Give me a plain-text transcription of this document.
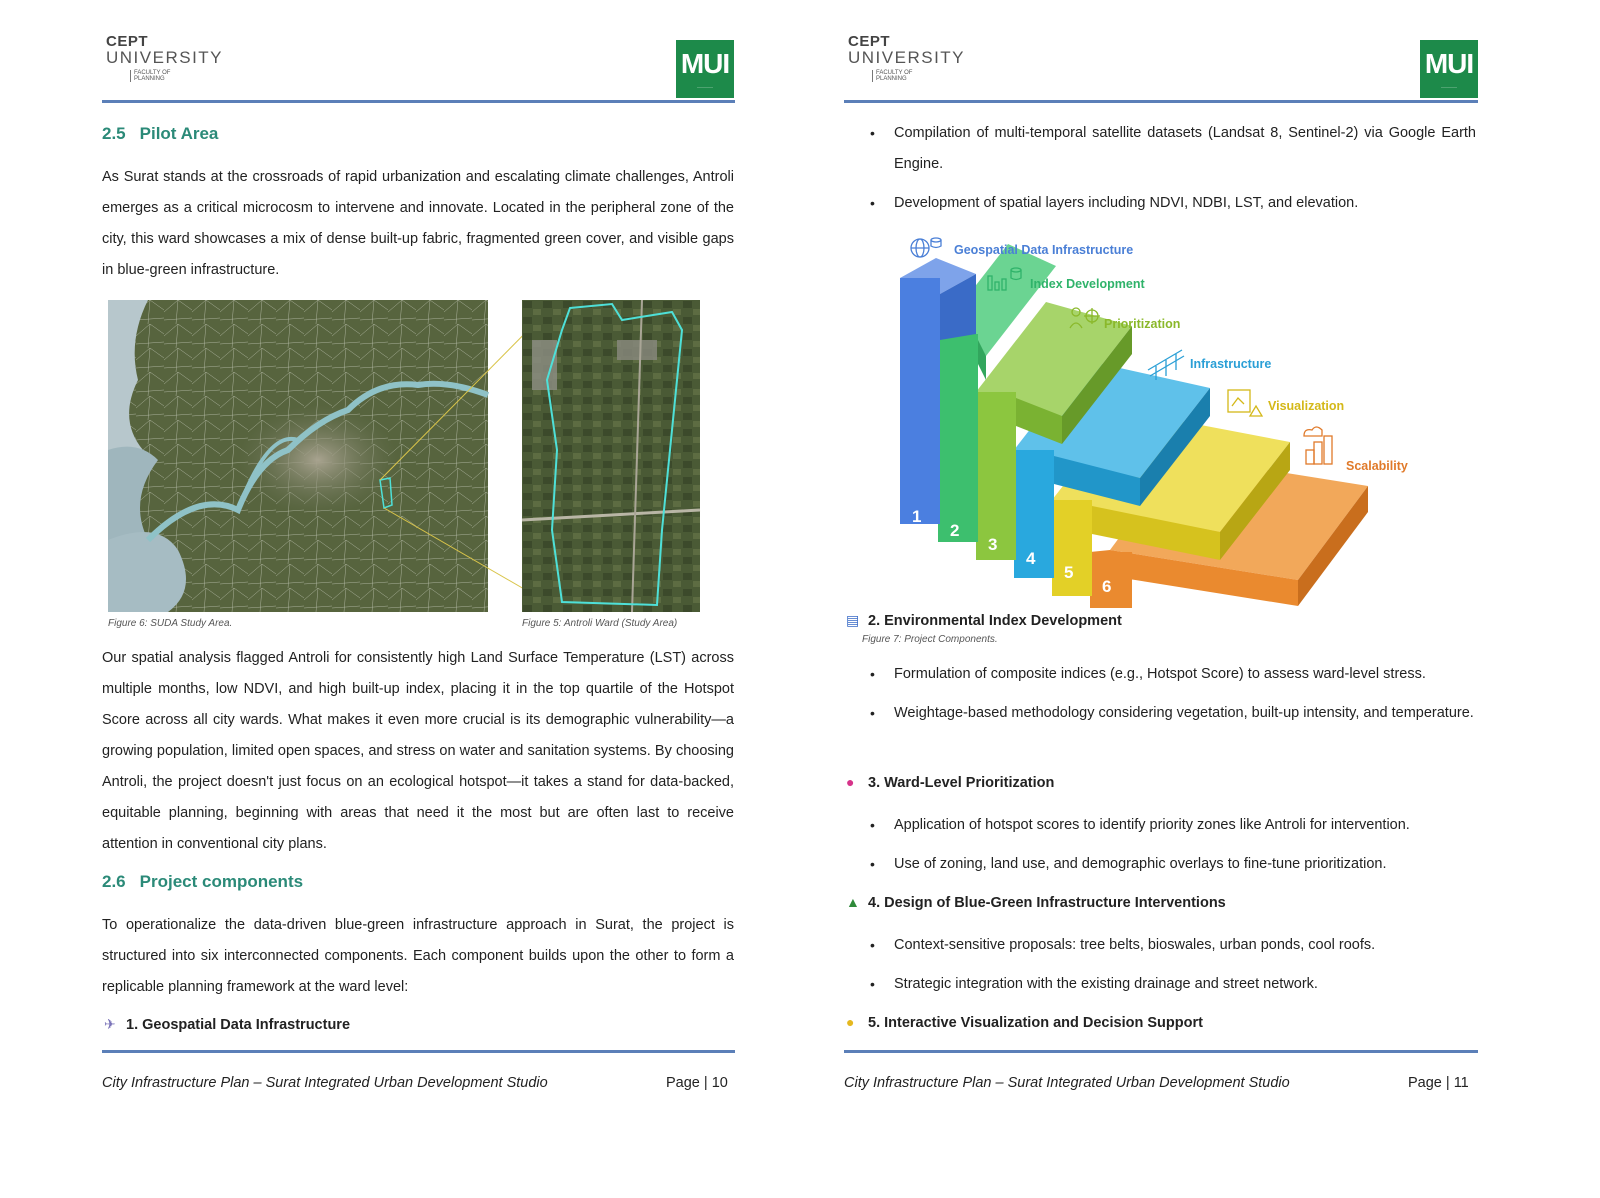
CEPT
UNIVERSITY
FACULTY OF PLANNING	MUI
————
2.5 Pilot Area
As Surat stands at the crossroads of rapid urbanization and escalating climate challenges, Antroli emerges as a critical microcosm to intervene and innovate. Located in the peripheral zone of the city, this ward showcases a mix of dense built-up fabric, fragmented green cover, and visible gaps in blue-green infrastructure.
Figure 6: SUDA Study Area.	Figure 5: Antroli Ward (Study Area)
Our spatial analysis flagged Antroli for consistently high Land Surface Temperature (LST) across multiple months, low NDVI, and high built-up index, placing it in the top quartile of the Hotspot Score across all city wards. What makes it even more crucial is its demographic vulnerability—a growing population, limited open spaces, and stress on water and sanitation systems. By choosing Antroli, the project doesn't just focus on an ecological hotspot—it takes a stand for data-backed, equitable planning, beginning with areas that need it the most but are often last to receive attention in conventional city plans.
2.6 Project components
To operationalize the data-driven blue-green infrastructure approach in Surat, the project is structured into six interconnected components. Each component builds upon the other to form a replicable planning framework at the ward level:
✈ 1. Geospatial Data Infrastructure
City Infrastructure Plan – Surat Integrated Urban Development Studio	Page | 10
CEPT
UNIVERSITY
FACULTY OF PLANNING	MUI
————
• Compilation of multi-temporal satellite datasets (Landsat 8, Sentinel-2) via Google Earth Engine.
• Development of spatial layers including NDVI, NDBI, LST, and elevation.
1
2
3
4
5
6
Geospatial Data Infrastructure
Index Development
Prioritization
Infrastructure
Visualization
Scalability
▤ 2. Environmental Index Development
Figure 7: Project Components.
• Formulation of composite indices (e.g., Hotspot Score) to assess ward-level stress.
• Weightage-based methodology considering vegetation, built-up intensity, and temperature.
● 3. Ward-Level Prioritization
• Application of hotspot scores to identify priority zones like Antroli for intervention.
• Use of zoning, land use, and demographic overlays to fine-tune prioritization.
▲ 4. Design of Blue-Green Infrastructure Interventions
• Context-sensitive proposals: tree belts, bioswales, urban ponds, cool roofs.
• Strategic integration with the existing drainage and street network.
● 5. Interactive Visualization and Decision Support
City Infrastructure Plan – Surat Integrated Urban Development Studio	Page | 11
